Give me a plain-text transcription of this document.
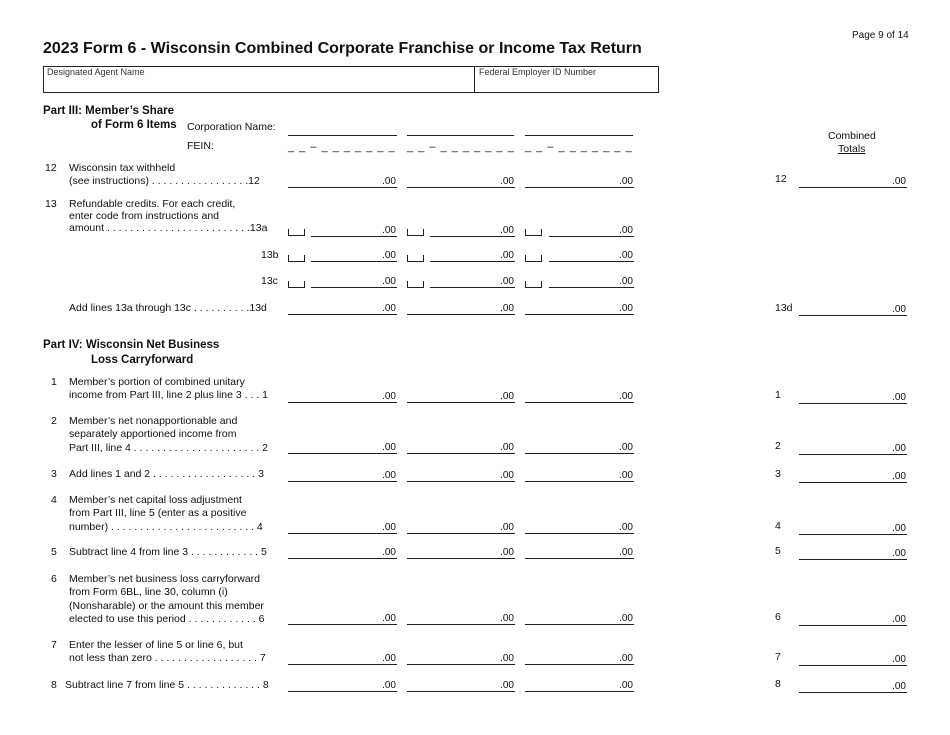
Page 9 of 14
2023 Form 6 - Wisconsin Combined Corporate Franchise or Income Tax Return
Designated Agent Name	Federal Employer ID Number
Part III: Member’s Share
of Form 6 Items Corporation Name:
FEIN:	_ _ – _ _ _ _ _ _ _ _ _ – _ _ _ _ _ _ _ _ _ – _ _ _ _ _ _ _
Combined
Totals
12 Wisconsin tax withheld
(see instructions) . . . . . . . . . . . . . . . . .12	.00	.00	.00	12	.00
13 Refundable credits. For each credit,
enter code from instructions and
amount . . . . . . . . . . . . . . . . . . . . . . . . .13a	.00	.00	.00
13b	.00	.00	.00
13c	.00	.00	.00
Add lines 13a through 13c . . . . . . . . . .13d	.00	.00	.00	13d	.00
Part IV: Wisconsin Net Business
Loss Carryforward
1 Member’s portion of combined unitary
income from Part III, line 2 plus line 3 . . . 1	.00	.00	.00	1	.00
2 Member’s net nonapportionable and
separately apportioned income from
Part III, line 4 . . . . . . . . . . . . . . . . . . . . . . 2	.00	.00	.00	2	.00
3 Add lines 1 and 2 . . . . . . . . . . . . . . . . . . 3	.00	.00	.00	3	.00
4 Member’s net capital loss adjustment
from Part III, line 5 (enter as a positive
number) . . . . . . . . . . . . . . . . . . . . . . . . . 4	.00	.00	.00	4	.00
5 Subtract line 4 from line 3 . . . . . . . . . . . . 5	.00	.00	.00	5	.00
6 Member’s net business loss carryforward
from Form 6BL, line 30, column (i)
(Nonsharable) or the amount this member
elected to use this period . . . . . . . . . . . . 6	.00	.00	.00	6	.00
7 Enter the lesser of line 5 or line 6, but
not less than zero . . . . . . . . . . . . . . . . . . 7	.00	.00	.00	7	.00
8 Subtract line 7 from line 5 . . . . . . . . . . . . . 8	.00	.00	.00	8	.00
